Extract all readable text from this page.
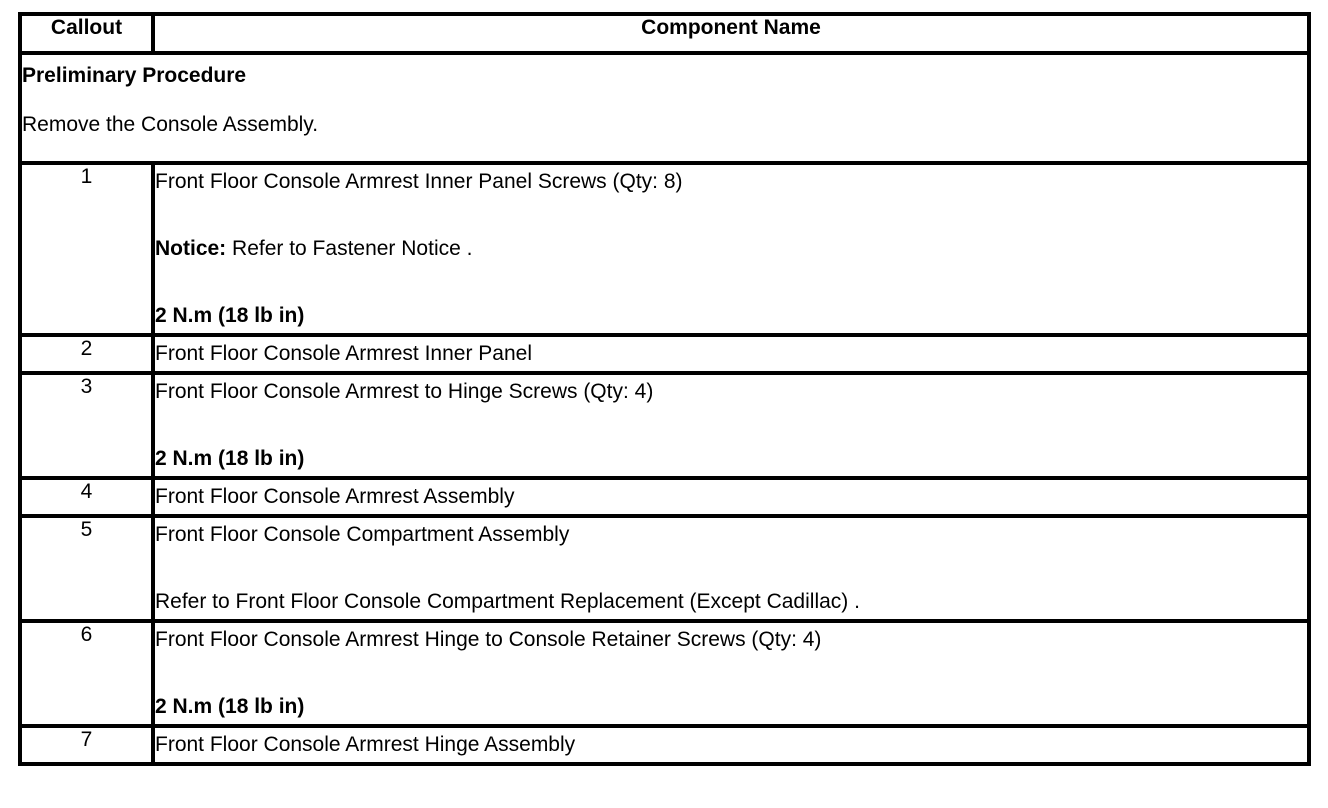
Callout	Component Name

Preliminary Procedure
Remove the Console Assembly.	

1	Front Floor Console Armrest Inner Panel Screws (Qty: 8)
Notice: Refer to Fastener Notice .
2 N.m (18 lb in)

2	Front Floor Console Armrest Inner Panel

3	Front Floor Console Armrest to Hinge Screws (Qty: 4)
2 N.m (18 lb in)

4	Front Floor Console Armrest Assembly

5	Front Floor Console Compartment Assembly
Refer to Front Floor Console Compartment Replacement (Except Cadillac) .

6	Front Floor Console Armrest Hinge to Console Retainer Screws (Qty: 4)
2 N.m (18 lb in)

7	Front Floor Console Armrest Hinge Assembly
